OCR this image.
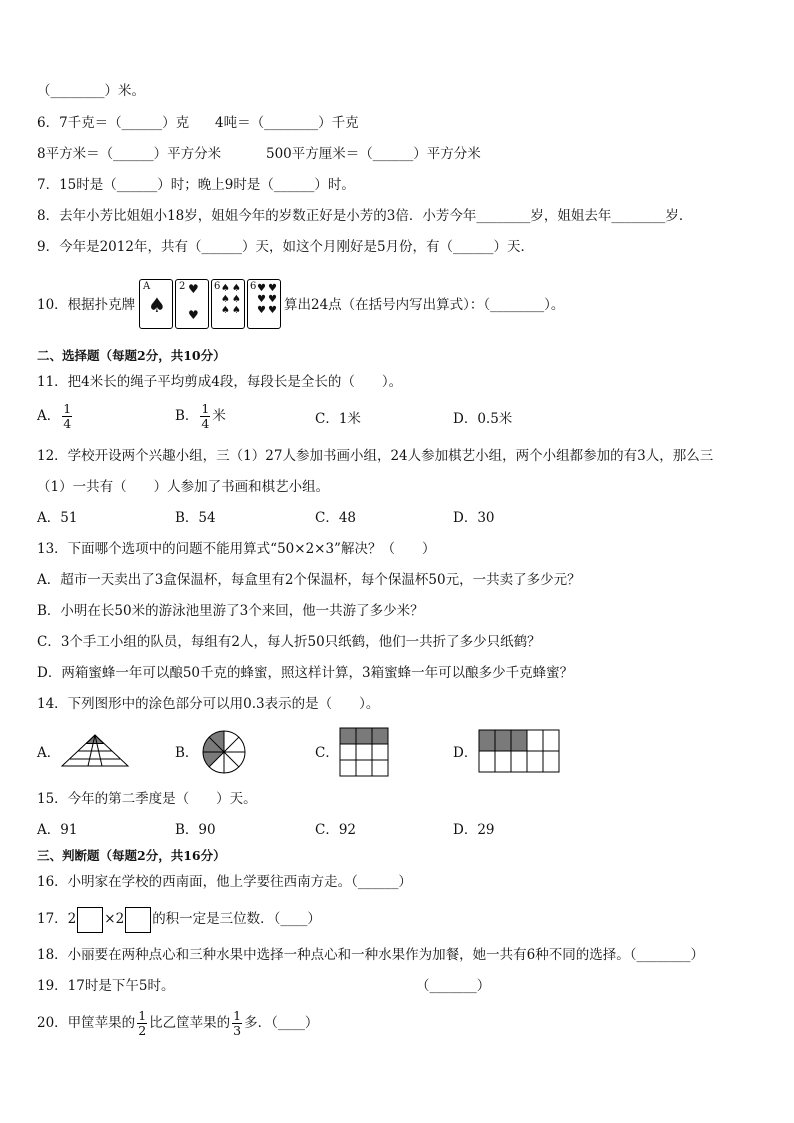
（________）米。
6．7千克＝（______）克 4吨＝（________）千克
8平方米＝（______）平方分米	500平方厘米＝（______）平方分米
7．15时是（______）时；晚上9时是（______）时。
8．去年小芳比姐姐小18岁，姐姐今年的岁数正好是小芳的3倍．小芳今年________岁，姐姐去年________岁．
9．今年是2012年，共有（______）天，如这个月刚好是5月份，有（______）天．
10．根据扑克牌
A
♠
2 ♥
♥
6 ♠♠
♠♠
♠♠
6 ♥♥
♥♥
♥♥ 算出24点（在括号内写出算式）：（________）。
二、选择题（每题2分，共10分）
11．把4米长的绳子平均剪成4段，每段长是全长的（　　）。
A． $\frac{1}{4}$	B． $\frac{1}{4}$ 米	C．1米	D．0.5米
12．学校开设两个兴趣小组，三（1）27人参加书画小组，24人参加棋艺小组，两个小组都参加的有3人，那么三
（1）一共有（　　）人参加了书画和棋艺小组。
A．51	B．54	C．48	D．30
13．下面哪个选项中的问题不能用算式“50×2×3”解决？（　　）
A．超市一天卖出了3盒保温杯，每盒里有2个保温杯，每个保温杯50元，一共卖了多少元？
B．小明在长50米的游泳池里游了3个来回，他一共游了多少米？
C．3个手工小组的队员，每组有2人，每人折50只纸鹤，他们一共折了多少只纸鹤？
D．两箱蜜蜂一年可以酿50千克的蜂蜜，照这样计算，3箱蜜蜂一年可以酿多少千克蜂蜜？
14．下列图形中的涂色部分可以用0.3表示的是（　　）。
A．	B．	C．	D．
15．今年的第二季度是（　　）天。
A．91	B．90	C．92	D．29
三、判断题（每题2分，共16分）
16．小明家在学校的西南面，他上学要往西南方走。（______）
17．2 ×2 的积一定是三位数．（____）
18．小丽要在两种点心和三种水果中选择一种点心和一种水果作为加餐，她一共有6种不同的选择。（________）
19．17时是下午5时。	（_______）
20．甲筐苹果的 $\frac{1}{2}$ 比乙筐苹果的 $\frac{1}{3}$ 多．（____）
